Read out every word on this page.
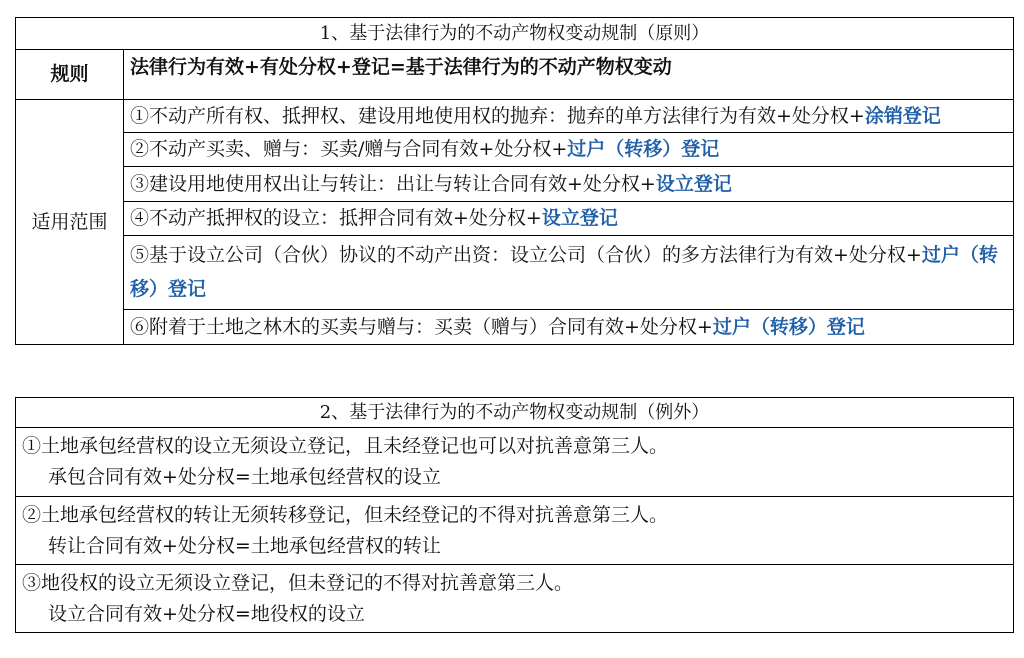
1、基于法律行为的不动产物权变动规制（原则）	
规则	法律行为有效+有处分权+登记=基于法律行为的不动产物权变动
适用范围	①不动产所有权、抵押权、建设用地使用权的抛弃：抛弃的单方法律行为有效+处分权+涂销登记
	②不动产买卖、赠与：买卖/赠与合同有效+处分权+过户（转移）登记
	③建设用地使用权出让与转让：出让与转让合同有效+处分权+设立登记
	④不动产抵押权的设立：抵押合同有效+处分权+设立登记
	⑤基于设立公司（合伙）协议的不动产出资：设立公司（合伙）的多方法律行为有效+处分权+过户（转移）登记
	⑥附着于土地之林木的买卖与赠与：买卖（赠与）合同有效+处分权+过户（转移）登记
2、基于法律行为的不动产物权变动规制（例外）

①土地承包经营权的设立无须设立登记，且未经登记也可以对抗善意第三人。
承包合同有效+处分权=土地承包经营权的设立

②土地承包经营权的转让无须转移登记，但未经登记的不得对抗善意第三人。
转让合同有效+处分权=土地承包经营权的转让

③地役权的设立无须设立登记，但未登记的不得对抗善意第三人。
设立合同有效+处分权=地役权的设立
